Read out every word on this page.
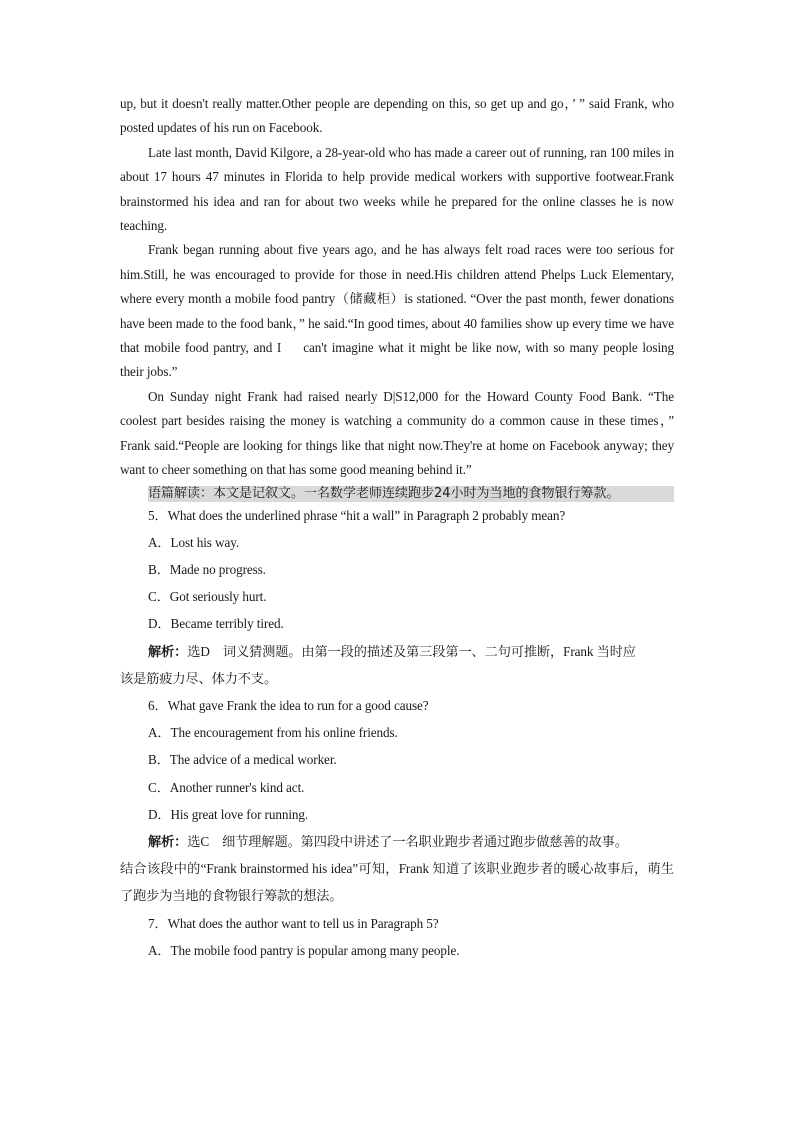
up, but it doesn't really matter.Other people are depending on this, so get up and go，’ ” said Frank, who posted updates of his run on Facebook.

Late last month, David Kilgore, a 28-year-old who has made a career out of running, ran 100 miles in about 17 hours 47 minutes in Florida to help provide medical workers with supportive footwear.Frank brainstormed his idea and ran for about two weeks while he prepared for the online classes he is now teaching.

Frank began running about five years ago, and he has always felt road races were too serious for him.Still, he was encouraged to provide for those in need.His children attend Phelps Luck Elementary, where every month a mobile food pantry（储藏柜）is stationed. “Over the past month, fewer donations have been made to the food bank，” he said.“In good times, about 40 families show up every time we have that mobile food pantry, and I can't imagine what it might be like now, with so many people losing their jobs.”

On Sunday night Frank had raised nearly D|S12,000 for the Howard County Food Bank. “The coolest part besides raising the money is watching a community do a common cause in these times，” Frank said.“People are looking for things like that night now.They're at home on Facebook anyway; they want to cheer something on that has some good meaning behind it.”

语篇解读：本文是记叙文。一名数学老师连续跑步24小时为当地的食物银行筹款。

5．What does the underlined phrase “hit a wall” in Paragraph 2 probably mean?

A．Lost his way.

B．Made no progress.

C．Got seriously hurt.

D．Became terribly tired.

解析：选D　词义猜测题。由第一段的描述及第三段第一、二句可推断，Frank 当时应

该是筋疲力尽、体力不支。

6．What gave Frank the idea to run for a good cause?

A．The encouragement from his online friends.

B．The advice of a medical worker.

C．Another runner's kind act.

D．His great love for running.

解析：选C　细节理解题。第四段中讲述了一名职业跑步者通过跑步做慈善的故事。

结合该段中的“Frank brainstormed his idea”可知，Frank 知道了该职业跑步者的暖心故事后，萌生了跑步为当地的食物银行筹款的想法。

7．What does the author want to tell us in Paragraph 5?

A．The mobile food pantry is popular among many people.
